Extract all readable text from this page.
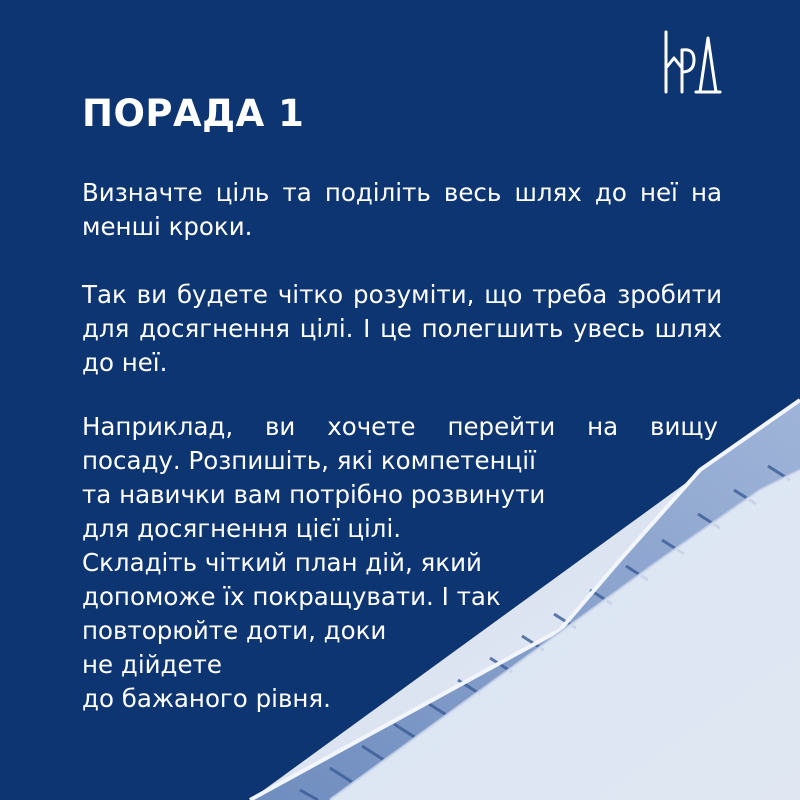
ПОРАДА 1

Визначте ціль та поділіть весь шлях до неї на менші кроки.

Так ви будете чітко розуміти, що треба зробити для досягнення цілі. І це полегшить увесь шлях до неї.

Наприклад, ви хочете перейти на вищу
посаду. Розпишіть, які компетенції
та навички вам потрібно розвинути
для досягнення цієї цілі.
Складіть чіткий план дій, який
допоможе їх покращувати. І так
повторюйте доти, доки
не дійдете
до бажаного рівня.
